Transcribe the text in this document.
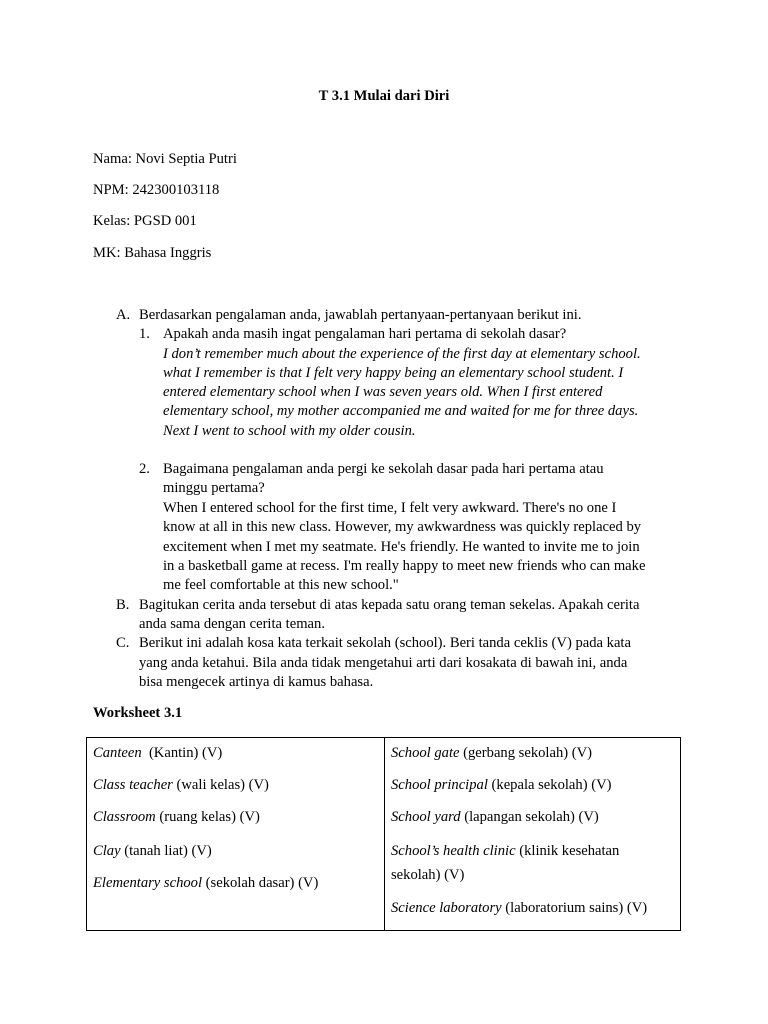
T 3.1 Mulai dari Diri
Nama: Novi Septia Putri
NPM: 242300103118
Kelas: PGSD 001
MK: Bahasa Inggris
A. Berdasarkan pengalaman anda, jawablah pertanyaan-pertanyaan berikut ini.
1. Apakah anda masih ingat pengalaman hari pertama di sekolah dasar?
I don’t remember much about the experience of the first day at elementary school.
what I remember is that I felt very happy being an elementary school student. I
entered elementary school when I was seven years old. When I first entered
elementary school, my mother accompanied me and waited for me for three days.
Next I went to school with my older cousin.
2. Bagaimana pengalaman anda pergi ke sekolah dasar pada hari pertama atau
minggu pertama?
When I entered school for the first time, I felt very awkward. There's no one I
know at all in this new class. However, my awkwardness was quickly replaced by
excitement when I met my seatmate. He's friendly. He wanted to invite me to join
in a basketball game at recess. I'm really happy to meet new friends who can make
me feel comfortable at this new school."
B. Bagitukan cerita anda tersebut di atas kepada satu orang teman sekelas. Apakah cerita
anda sama dengan cerita teman.
C. Berikut ini adalah kosa kata terkait sekolah (school). Beri tanda ceklis (V) pada kata
yang anda ketahui. Bila anda tidak mengetahui arti dari kosakata di bawah ini, anda
bisa mengecek artinya di kamus bahasa.
Worksheet 3.1
Canteen  (Kantin) (V)
Class teacher (wali kelas) (V)
Classroom (ruang kelas) (V)
Clay (tanah liat) (V)
Elementary school (sekolah dasar) (V)
School gate (gerbang sekolah) (V)
School principal (kepala sekolah) (V)
School yard (lapangan sekolah) (V)
School’s health clinic (klinik kesehatan
sekolah) (V)
Science laboratory (laboratorium sains) (V)
